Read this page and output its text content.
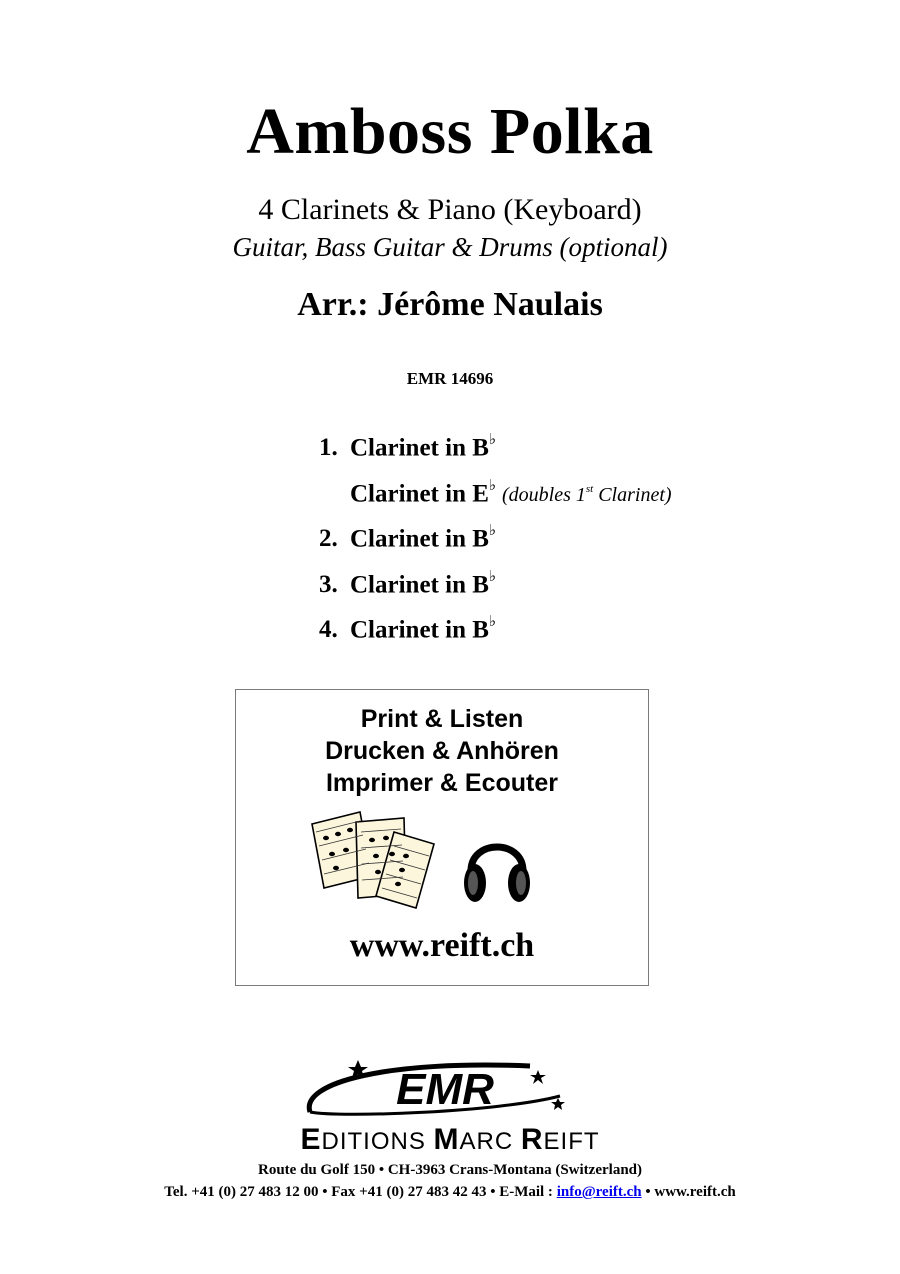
Amboss Polka
4 Clarinets & Piano (Keyboard)
Guitar, Bass Guitar & Drums (optional)
Arr.: Jérôme Naulais
EMR 14696
1. Clarinet in B♭
Clarinet in E♭ (doubles 1st Clarinet)
2. Clarinet in B♭
3. Clarinet in B♭
4. Clarinet in B♭
Print & Listen
Drucken & Anhören
Imprimer & Ecouter
www.reift.ch
EMR
EDITIONS MARC REIFT
Route du Golf 150 • CH-3963 Crans-Montana (Switzerland)
Tel. +41 (0) 27 483 12 00 • Fax +41 (0) 27 483 42 43 • E-Mail : info@reift.ch • www.reift.ch
